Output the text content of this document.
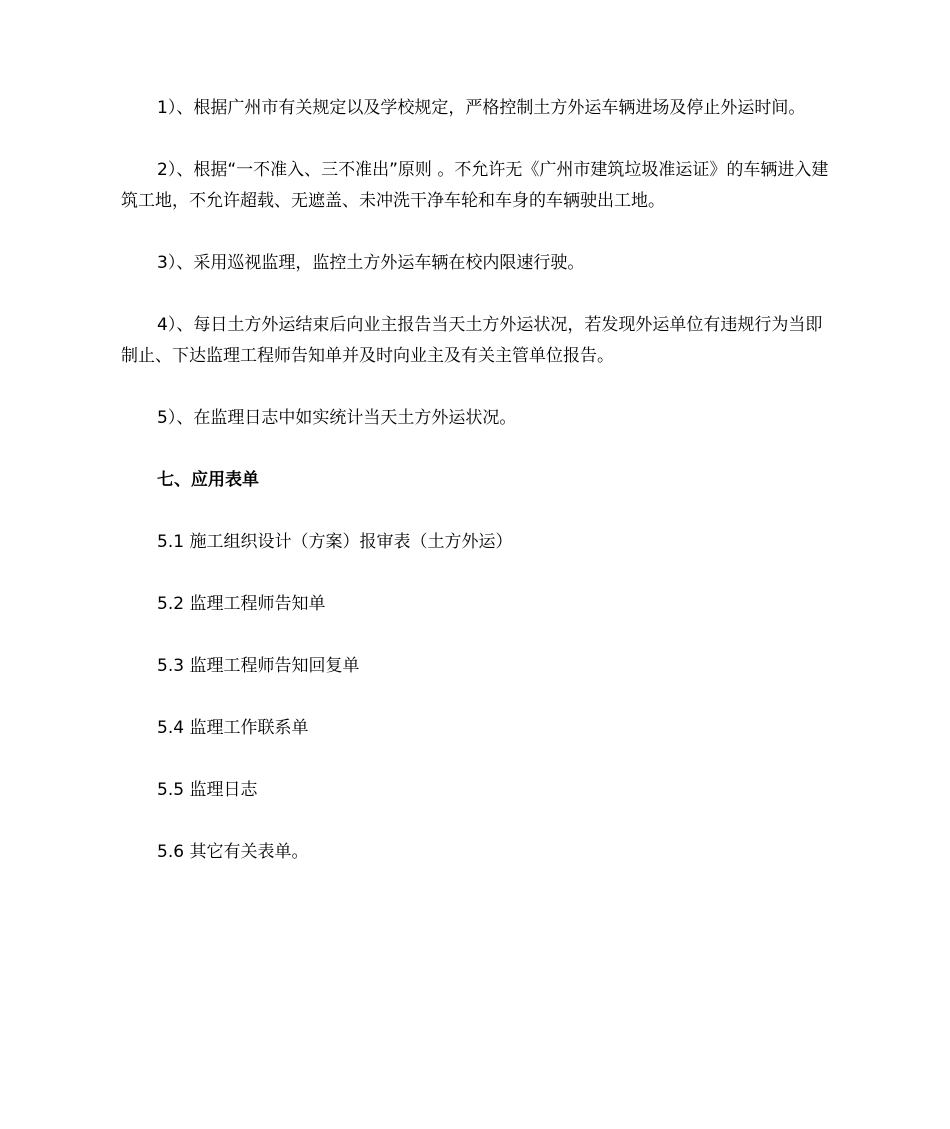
1）、根据广州市有关规定以及学校规定，严格控制土方外运车辆进场及停止外运时间。

2）、根据“一不准入、三不准出”原则 。不允许无《广州市建筑垃圾准运证》的车辆进入建筑工地，不允许超载、无遮盖、未冲洗干净车轮和车身的车辆驶出工地。

3）、采用巡视监理，监控土方外运车辆在校内限速行驶。

4）、每日土方外运结束后向业主报告当天土方外运状况，若发现外运单位有违规行为当即制止、下达监理工程师告知单并及时向业主及有关主管单位报告。

5）、在监理日志中如实统计当天土方外运状况。

七、应用表单

5.1 施工组织设计（方案）报审表（土方外运）

5.2 监理工程师告知单

5.3 监理工程师告知回复单

5.4 监理工作联系单

5.5 监理日志

5.6 其它有关表单。
